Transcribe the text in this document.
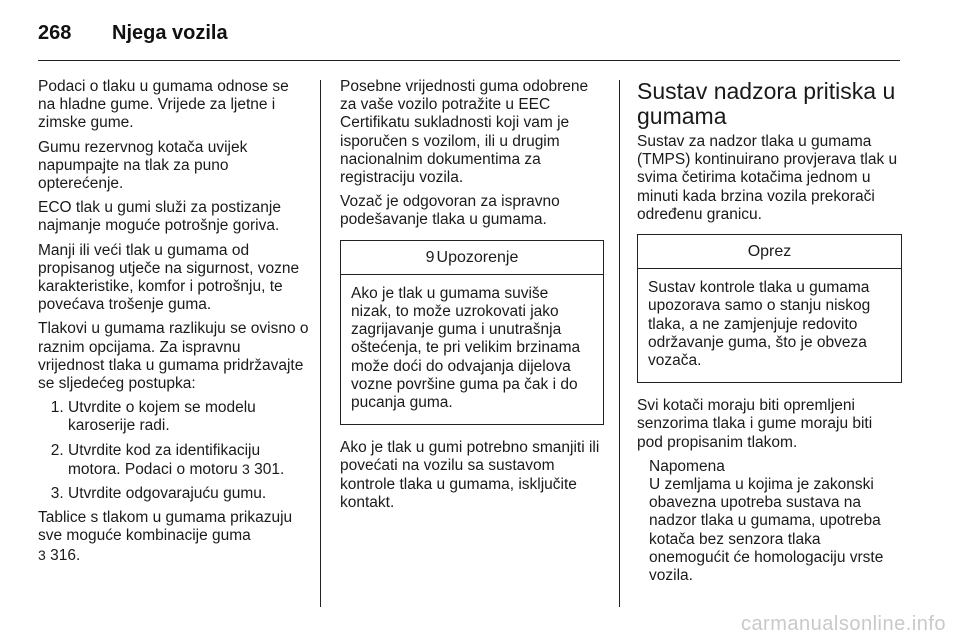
268 Njega vozila

Podaci o tlaku u gumama odnose se na hladne gume. Vrijede za ljetne i zimske gume.

Gumu rezervnog kotača uvijek napumpajte na tlak za puno opterećenje.

ECO tlak u gumi služi za postizanje najmanje moguće potrošnje goriva.

Manji ili veći tlak u gumama od propisanog utječe na sigurnost, vozne karakteristike, komfor i potrošnju, te povećava trošenje guma.

Tlakovi u gumama razlikuju se ovisno o raznim opcijama. Za ispravnu vrijednost tlaka u gumama pridržavajte se sljedećeg postupka:

1. Utvrdite o kojem se modelu karoserije radi.
2. Utvrdite kod za identifikaciju motora. Podaci o motoru 3 301.
3. Utvrdite odgovarajuću gumu.

Tablice s tlakom u gumama prikazuju sve moguće kombinacije guma
3 316.

Posebne vrijednosti guma odobrene za vaše vozilo potražite u EEC Certifikatu sukladnosti koji vam je isporučen s vozilom, ili u drugim nacionalnim dokumentima za registraciju vozila.

Vozač je odgovoran za ispravno podešavanje tlaka u gumama.

9 Upozorenje
Ako je tlak u gumama suviše nizak, to može uzrokovati jako zagrijavanje guma i unutrašnja oštećenja, te pri velikim brzinama može doći do odvajanja dijelova vozne površine guma pa čak i do pucanja guma.

Ako je tlak u gumi potrebno smanjiti ili povećati na vozilu sa sustavom kontrole tlaka u gumama, isključite kontakt.

Sustav nadzora pritiska u gumama

Sustav za nadzor tlaka u gumama (TMPS) kontinuirano provjerava tlak u svima četirima kotačima jednom u minuti kada brzina vozila prekorači određenu granicu.

Oprez
Sustav kontrole tlaka u gumama upozorava samo o stanju niskog tlaka, a ne zamjenjuje redovito održavanje guma, što je obveza vozača.

Svi kotači moraju biti opremljeni senzorima tlaka i gume moraju biti pod propisanim tlakom.

Napomena
U zemljama u kojima je zakonski obavezna upotreba sustava na nadzor tlaka u gumama, upotreba kotača bez senzora tlaka onemogućit će homologaciju vrste vozila.
carmanualsonline.info
